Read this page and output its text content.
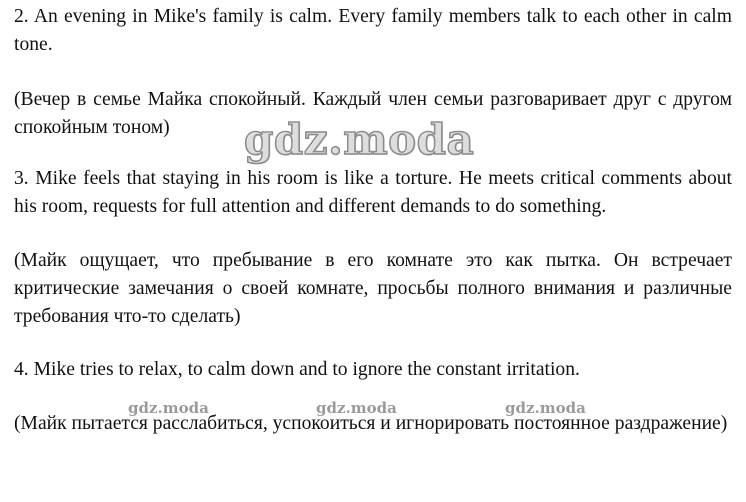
2. An evening in Mike's family is calm. Every family members talk to each other in calm tone.

(Вечер в семье Майка спокойный. Каждый член семьи разговаривает друг с другом спокойным тоном)

3. Mike feels that staying in his room is like a torture. He meets critical comments about his room, requests for full attention and different demands to do something.

(Майк ощущает, что пребывание в его комнате это как пытка. Он встречает критические замечания о своей комнате, просьбы полного внимания и различные требования что-то сделать)

4. Mike tries to relax, to calm down and to ignore the constant irritation.

(Майк пытается расслабиться, успокоиться и игнорировать постоянное раздражение)

gdz.moda
gdz.moda	gdz.moda	gdz.moda
